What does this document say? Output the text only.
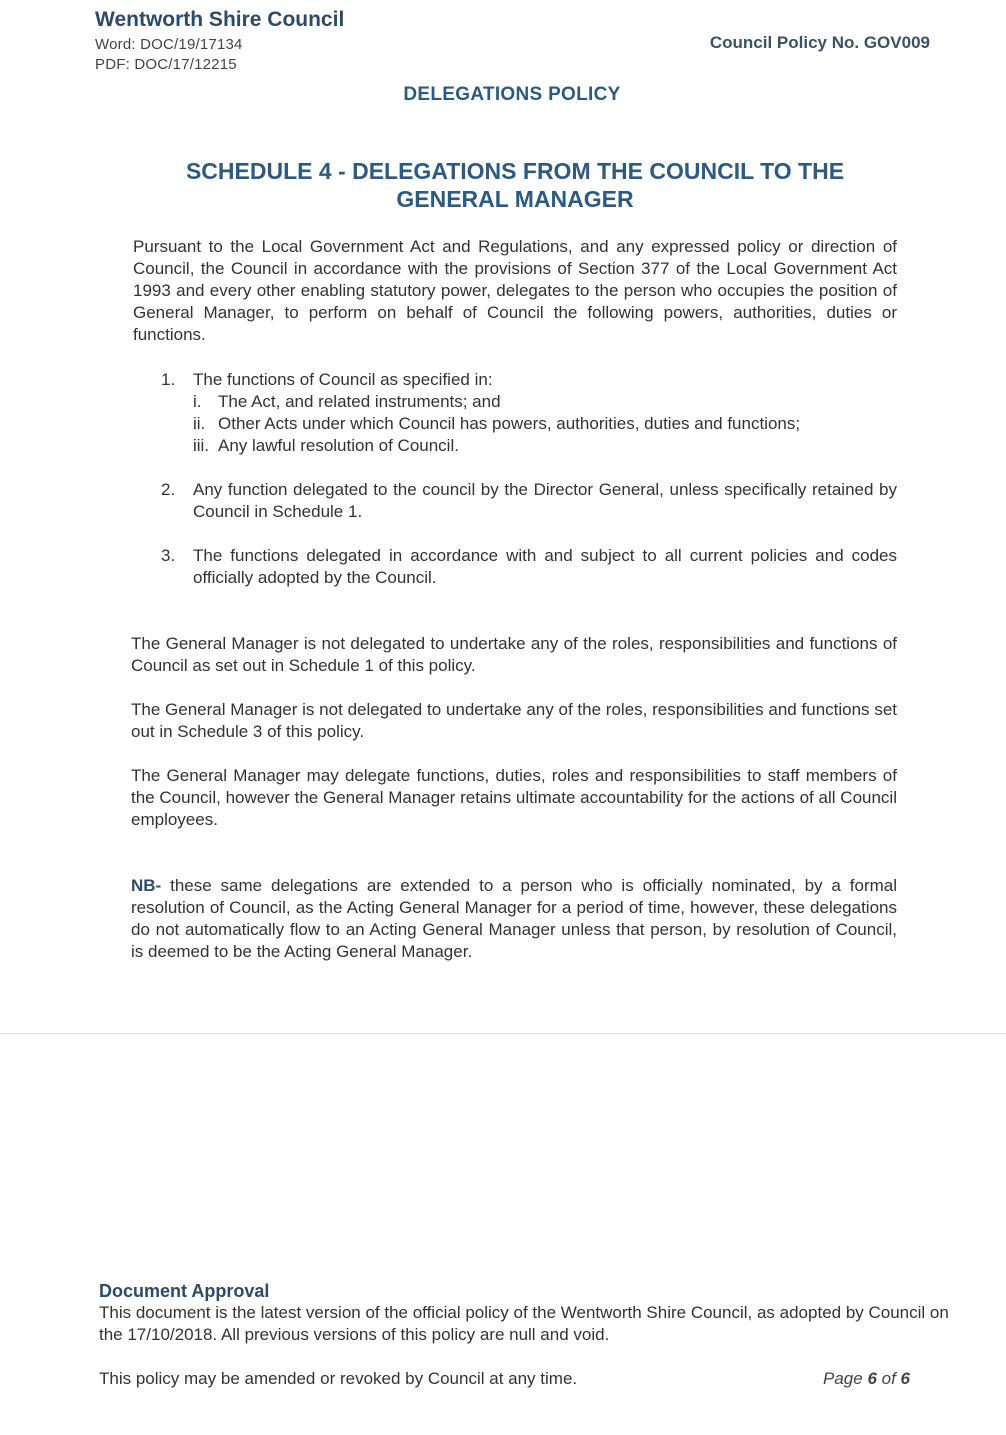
Wentworth Shire Council
Word: DOC/19/17134
PDF: DOC/17/12215
Council Policy No. GOV009
DELEGATIONS POLICY
SCHEDULE 4 - DELEGATIONS FROM THE COUNCIL TO THE
GENERAL MANAGER
Pursuant to the Local Government Act and Regulations, and any expressed policy or direction of Council, the Council in accordance with the provisions of Section 377 of the Local Government Act 1993 and every other enabling statutory power, delegates to the person who occupies the position of General Manager, to perform on behalf of Council the following powers, authorities, duties or functions.
1. The functions of Council as specified in:
i. The Act, and related instruments; and
ii. Other Acts under which Council has powers, authorities, duties and functions;
iii. Any lawful resolution of Council.
2. Any function delegated to the council by the Director General, unless specifically retained by Council in Schedule 1.
3. The functions delegated in accordance with and subject to all current policies and codes officially adopted by the Council.
The General Manager is not delegated to undertake any of the roles, responsibilities and functions of Council as set out in Schedule 1 of this policy.
The General Manager is not delegated to undertake any of the roles, responsibilities and functions set out in Schedule 3 of this policy.
The General Manager may delegate functions, duties, roles and responsibilities to staff members of the Council, however the General Manager retains ultimate accountability for the actions of all Council employees.
NB- these same delegations are extended to a person who is officially nominated, by a formal resolution of Council, as the Acting General Manager for a period of time, however, these delegations do not automatically flow to an Acting General Manager unless that person, by resolution of Council, is deemed to be the Acting General Manager.
Document Approval
This document is the latest version of the official policy of the Wentworth Shire Council, as adopted by Council on the 17/10/2018. All previous versions of this policy are null and void.
This policy may be amended or revoked by Council at any time.	Page 6 of 6
